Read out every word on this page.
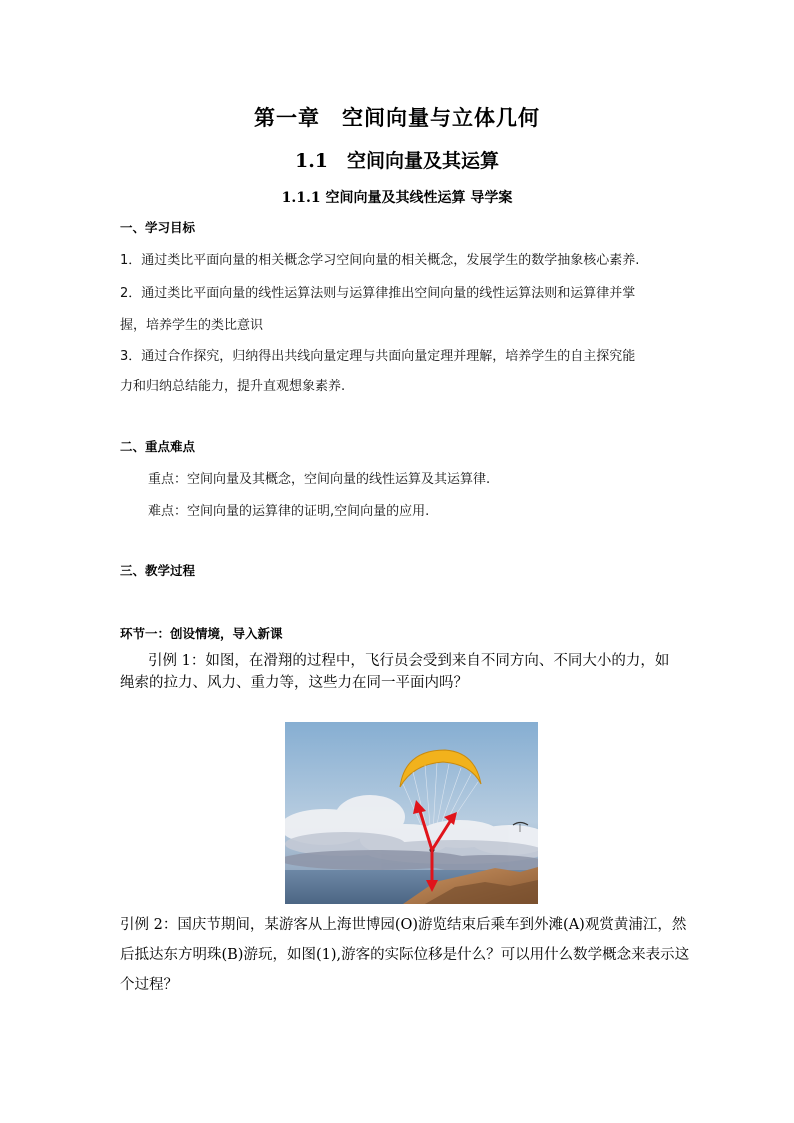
第一章　空间向量与立体几何
1.1　空间向量及其运算
1.1.1 空间向量及其线性运算 导学案
一、学习目标
1．通过类比平面向量的相关概念学习空间向量的相关概念，发展学生的数学抽象核心素养.
2．通过类比平面向量的线性运算法则与运算律推出空间向量的线性运算法则和运算律并掌
握，培养学生的类比意识
3．通过合作探究，归纳得出共线向量定理与共面向量定理并理解，培养学生的自主探究能
力和归纳总结能力，提升直观想象素养.
二、重点难点
重点：空间向量及其概念，空间向量的线性运算及其运算律.
难点：空间向量的运算律的证明,空间向量的应用.
三、教学过程
环节一：创设情境，导入新课
引例 1：如图，在滑翔的过程中，飞行员会受到来自不同方向、不同大小的力，如
绳索的拉力、风力、重力等，这些力在同一平面内吗？
引例 2：国庆节期间，某游客从上海世博园(O)游览结束后乘车到外滩(A)观赏黄浦江，然
后抵达东方明珠(B)游玩，如图(1),游客的实际位移是什么？可以用什么数学概念来表示这
个过程？
